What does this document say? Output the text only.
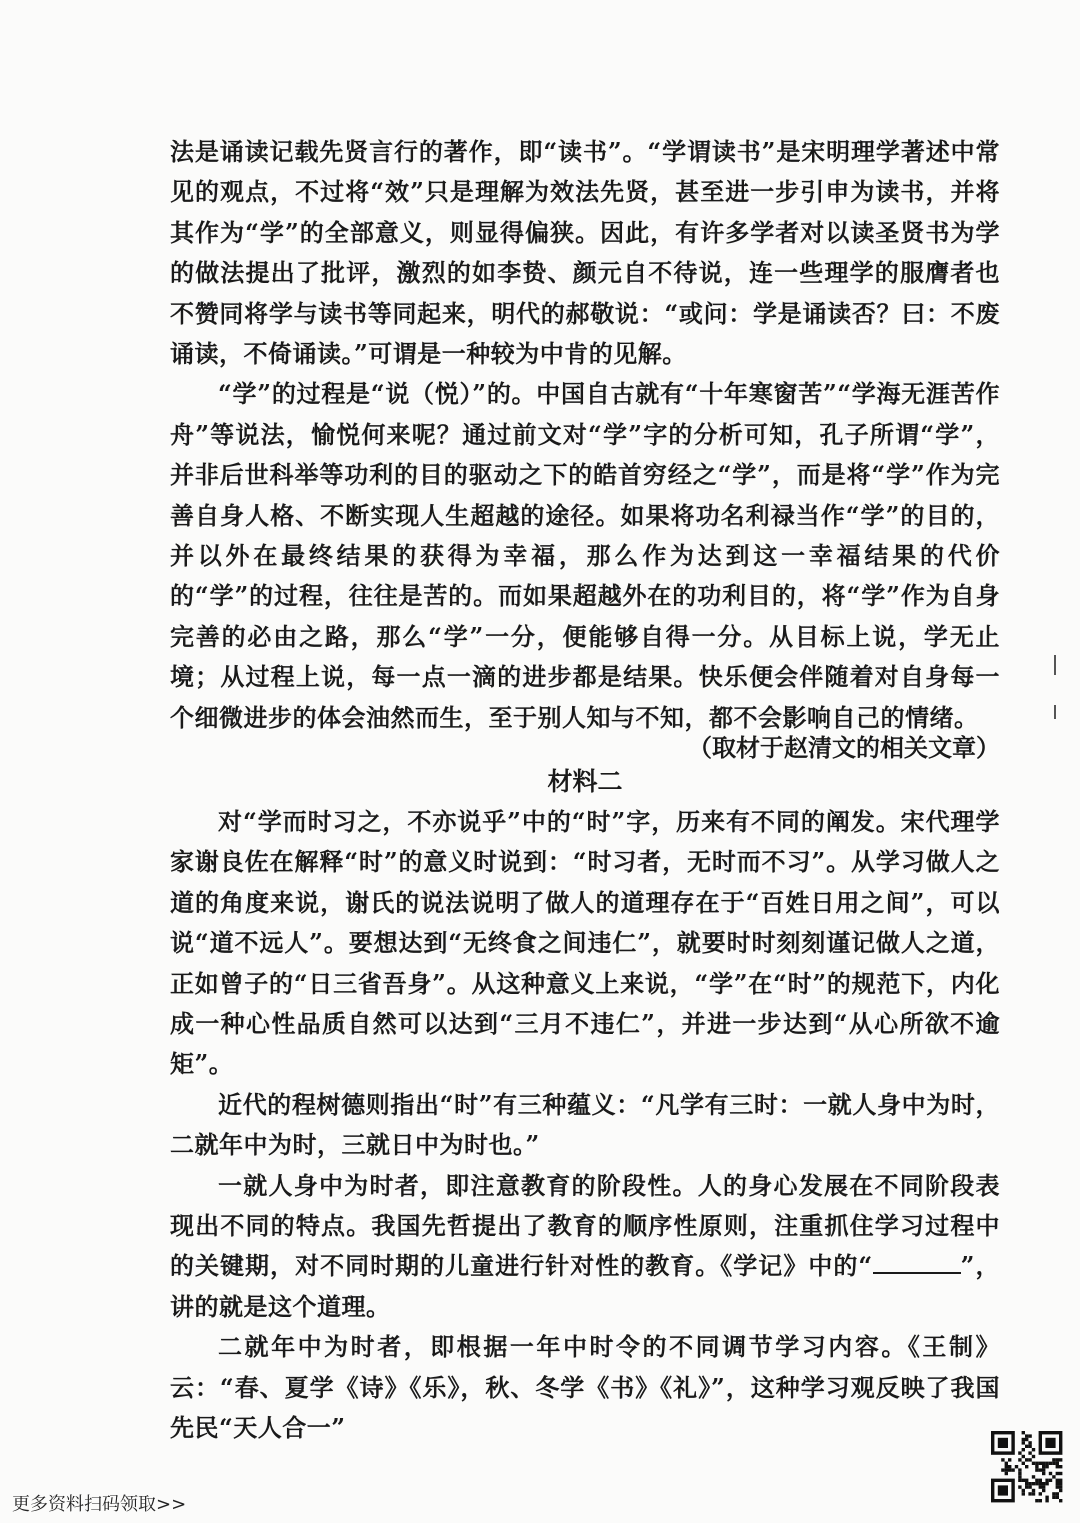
法是诵读记载先贤言行的著作，即“读书”。“学谓读书”是宋明理学著述中常见的观点，不过将“效”只是理解为效法先贤，甚至进一步引申为读书，并将其作为“学”的全部意义，则显得偏狭。因此，有许多学者对以读圣贤书为学的做法提出了批评，激烈的如李贽、颜元自不待说，连一些理学的服膺者也不赞同将学与读书等同起来，明代的郝敬说：“或问：学是诵读否？曰：不废诵读，不倚诵读。”可谓是一种较为中肯的见解。

“学”的过程是“说（悦）”的。中国自古就有“十年寒窗苦”“学海无涯苦作舟”等说法，愉悦何来呢？通过前文对“学”字的分析可知，孔子所谓“学”，并非后世科举等功利的目的驱动之下的皓首穷经之“学”，而是将“学”作为完善自身人格、不断实现人生超越的途径。如果将功名利禄当作“学”的目的，并以外在最终结果的获得为幸福，那么作为达到这一幸福结果的代价的“学”的过程，往往是苦的。而如果超越外在的功利目的，将“学”作为自身完善的必由之路，那么“学”一分，便能够自得一分。从目标上说，学无止境；从过程上说，每一点一滴的进步都是结果。快乐便会伴随着对自身每一个细微进步的体会油然而生，至于别人知与不知，都不会影响自己的情绪。

（取材于赵清文的相关文章）
材料二

对“学而时习之，不亦说乎”中的“时”字，历来有不同的阐发。宋代理学家谢良佐在解释“时”的意义时说到：“时习者，无时而不习”。从学习做人之道的角度来说，谢氏的说法说明了做人的道理存在于“百姓日用之间”，可以说“道不远人”。要想达到“无终食之间违仁”，就要时时刻刻谨记做人之道，正如曾子的“日三省吾身”。从这种意义上来说，“学”在“时”的规范下，内化成一种心性品质自然可以达到“三月不违仁”，并进一步达到“从心所欲不逾矩”。

近代的程树德则指出“时”有三种蕴义：“凡学有三时：一就人身中为时，二就年中为时，三就日中为时也。”

一就人身中为时者，即注意教育的阶段性。人的身心发展在不同阶段表现出不同的特点。我国先哲提出了教育的顺序性原则，注重抓住学习过程中的关键期，对不同时期的儿童进行针对性的教育。《学记》中的“	”，讲的就是这个道理。

二就年中为时者，即根据一年中时令的不同调节学习内容。《王制》云：“春、夏学《诗》《乐》，秋、冬学《书》《礼》”，这种学习观反映了我国先民“天人合一”

更多资料扫码领取>>
